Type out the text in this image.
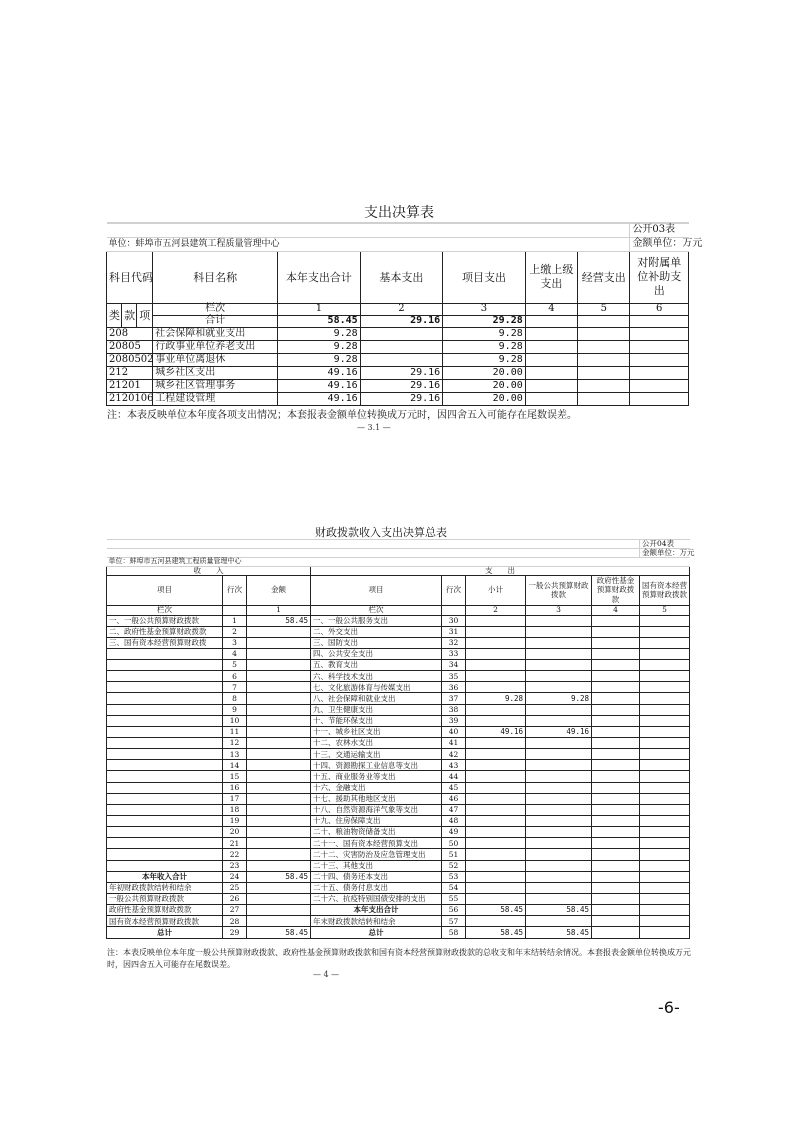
									公开03表
单位：蚌埠市五河县建筑工程质量管理中心									金额单位：万元
科目代码			科目名称	本年支出合计	基本支出	项目支出	上缴上级支出	经营支出	对附属单位补助支出

类	款	项	栏次	1	2	3	4	5	6
			合计	58.45	29.16	29.28			
208			社会保障和就业支出	9.28		9.28			
20805			行政事业单位养老支出	9.28		9.28			
2080502			事业单位离退休	9.28		9.28			
212			城乡社区支出	49.16	29.16	20.00			
21201			城乡社区管理事务	49.16	29.16	20.00			
2120106			工程建设管理	49.16	29.16	20.00			
支出决算表
注：本表反映单位本年度各项支出情况；本套报表金额单位转换成万元时，因四舍五入可能存在尾数误差。
— 3.1 —

								公开04表
								金额单位：万元
单位：蚌埠市五河县建筑工程质量管理中心								
收　　入			支　　出					
项目	行次	金额	项目	行次	小计	一般公共预算财政拨款	政府性基金预算财政拨款	国有资本经营预算财政拨款
栏次		1	栏次		2	3	4	5
一、一般公共预算财政拨款	1	58.45	一、一般公共服务支出	30				
二、政府性基金预算财政拨款	2		二、外交支出	31				
三、国有资本经营预算财政拨	3		三、国防支出	32				
	4		四、公共安全支出	33				
	5		五、教育支出	34				
	6		六、科学技术支出	35				
	7		七、文化旅游体育与传媒支出	36				
	8		八、社会保障和就业支出	37	9.28	9.28		
	9		九、卫生健康支出	38				
	10		十、节能环保支出	39				
	11		十一、城乡社区支出	40	49.16	49.16		
	12		十二、农林水支出	41				
	13		十三、交通运输支出	42				
	14		十四、资源勘探工业信息等支出	43				
	15		十五、商业服务业等支出	44				
	16		十六、金融支出	45				
	17		十七、援助其他地区支出	46				
	18		十八、自然资源海洋气象等支出	47				
	19		十九、住房保障支出	48				
	20		二十、粮油物资储备支出	49				
	21		二十一、国有资本经营预算支出	50				
	22		二十二、灾害防治及应急管理支出	51				
	23		二十三、其他支出	52				
本年收入合计	24	58.45	二十四、债务还本支出	53				
年初财政拨款结转和结余	25		二十五、债务付息支出	54				
一般公共预算财政拨款	26		二十六、抗疫特别国债安排的支出	55				
政府性基金预算财政拨款	27		本年支出合计	56	58.45	58.45		
国有资本经营预算财政拨款	28		年末财政拨款结转和结余	57				
总计	29	58.45	总计	58	58.45	58.45		
财政拨款收入支出决算总表
注：本表反映单位本年度一般公共预算财政拨款、政府性基金预算财政拨款和国有资本经营预算财政拨款的总收支和年末结转结余情况。本套报表金额单位转换成万元时，因四舍五入可能存在尾数误差。
— 4 —
-6-
